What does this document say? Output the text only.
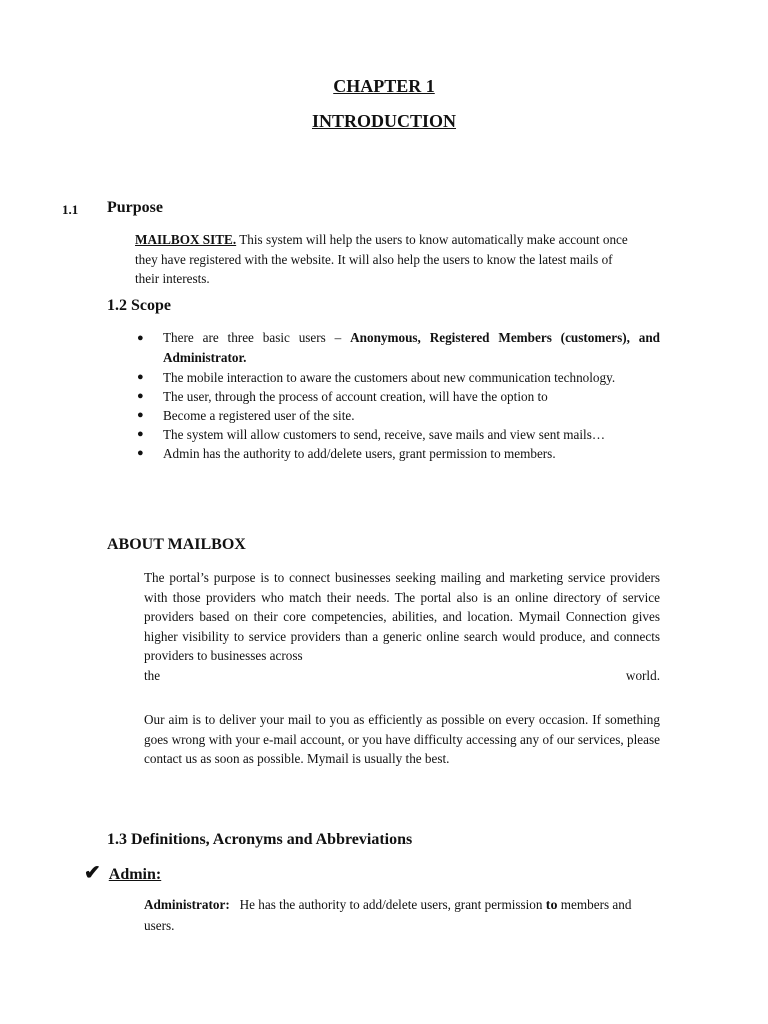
CHAPTER 1
INTRODUCTION
1.1 Purpose
MAILBOX SITE. This system will help the users to know automatically make account once they have registered with the website. It will also help the users to know the latest mails of their interests.
1.2 Scope
● There are three basic users – Anonymous, Registered Members (customers), and Administrator.
● The mobile interaction to aware the customers about new communication technology.
● The user, through the process of account creation, will have the option to
● Become a registered user of the site.
● The system will allow customers to send, receive, save mails and view sent mails…
● Admin has the authority to add/delete users, grant permission to members.
ABOUT MAILBOX
The portal’s purpose is to connect businesses seeking mailing and marketing service providers with those providers who match their needs. The portal also is an online directory of service providers based on their core competencies, abilities, and location. Mymail Connection gives higher visibility to service providers than a generic online search would produce, and connects providers to businesses across
the	world.
Our aim is to deliver your mail to you as efficiently as possible on every occasion. If something goes wrong with your e-mail account, or you have difficulty accessing any of our services, please contact us as soon as possible. Mymail is usually the best.
1.3 Definitions, Acronyms and Abbreviations
✔ Admin:
Administrator:   He has the authority to add/delete users, grant permission to members and users.
